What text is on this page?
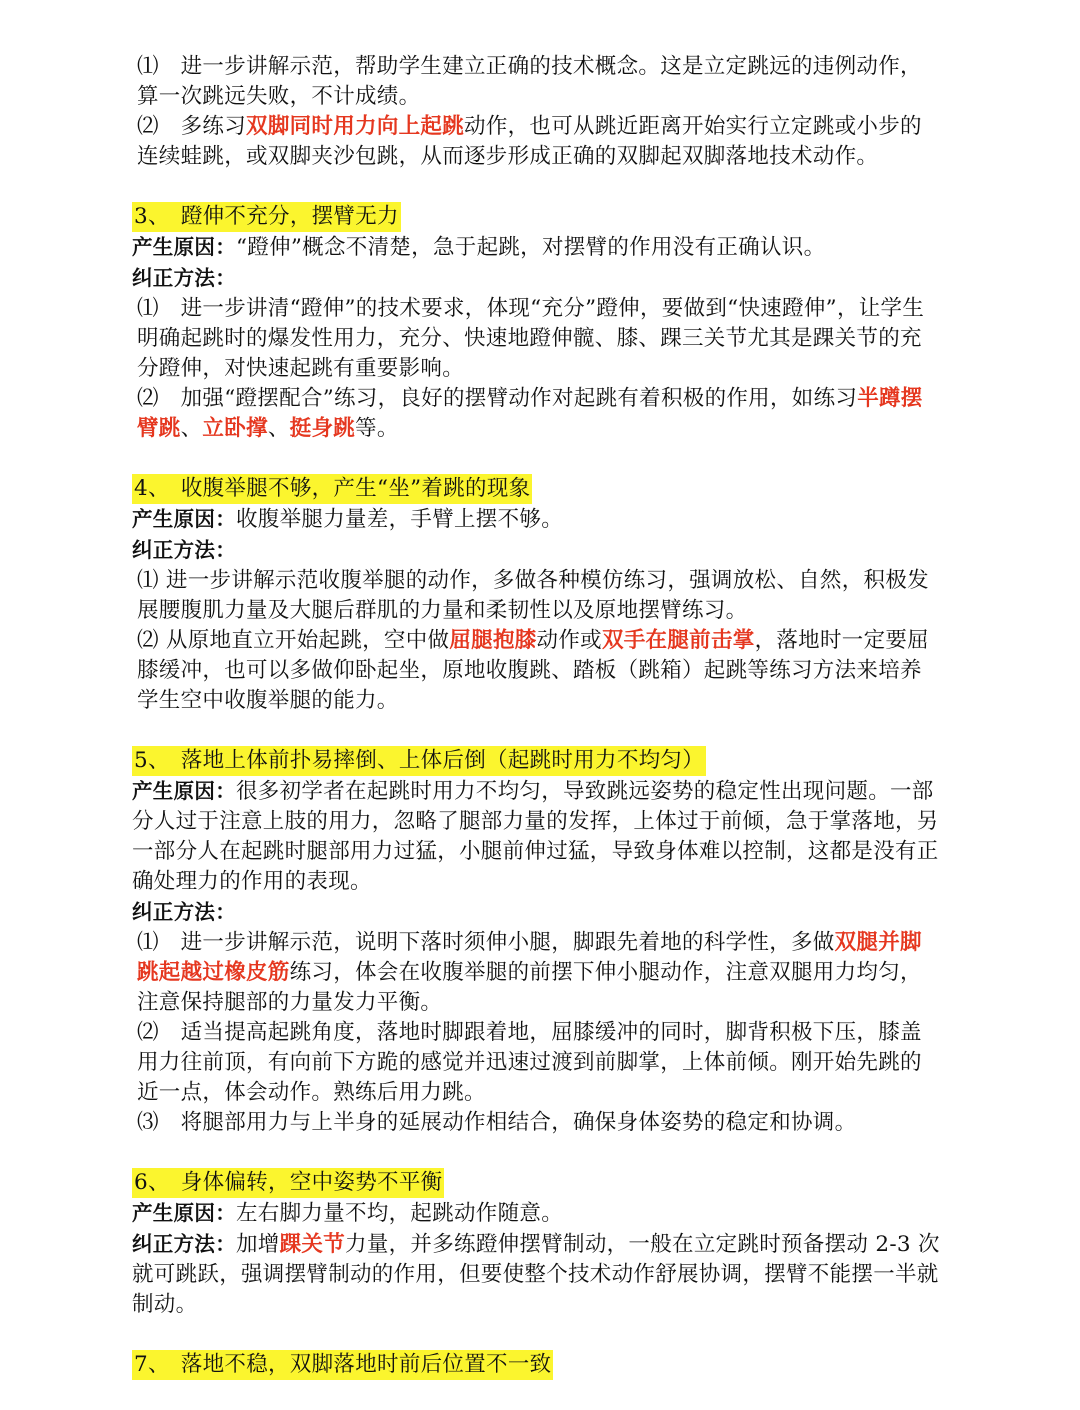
⑴　进一步讲解示范，帮助学生建立正确的技术概念。这是立定跳远的违例动作，算一次跳远失败，不计成绩。
⑵　多练习双脚同时用力向上起跳动作，也可从跳近距离开始实行立定跳或小步的连续蛙跳，或双脚夹沙包跳，从而逐步形成正确的双脚起双脚落地技术动作。
3、　蹬伸不充分，摆臂无力
产生原因：“蹬伸”概念不清楚，急于起跳，对摆臂的作用没有正确认识。
纠正方法：
⑴　进一步讲清“蹬伸”的技术要求，体现“充分”蹬伸，要做到“快速蹬伸”，让学生明确起跳时的爆发性用力，充分、快速地蹬伸髋、膝、踝三关节尤其是踝关节的充分蹬伸，对快速起跳有重要影响。
⑵　加强“蹬摆配合”练习，良好的摆臂动作对起跳有着积极的作用，如练习半蹲摆臂跳、立卧撑、挺身跳等。
4、　收腹举腿不够，产生“坐”着跳的现象
产生原因：收腹举腿力量差，手臂上摆不够。
纠正方法：
⑴ 进一步讲解示范收腹举腿的动作，多做各种模仿练习，强调放松、自然，积极发展腰腹肌力量及大腿后群肌的力量和柔韧性以及原地摆臂练习。
⑵ 从原地直立开始起跳，空中做屈腿抱膝动作或双手在腿前击掌，落地时一定要屈膝缓冲，也可以多做仰卧起坐，原地收腹跳、踏板（跳箱）起跳等练习方法来培养学生空中收腹举腿的能力。
5、　落地上体前扑易摔倒、上体后倒（起跳时用力不均匀）
产生原因：很多初学者在起跳时用力不均匀，导致跳远姿势的稳定性出现问题。一部分人过于注意上肢的用力，忽略了腿部力量的发挥，上体过于前倾，急于掌落地，另一部分人在起跳时腿部用力过猛，小腿前伸过猛，导致身体难以控制，这都是没有正确处理力的作用的表现。
纠正方法：
⑴　进一步讲解示范，说明下落时须伸小腿，脚跟先着地的科学性，多做双腿并脚跳起越过橡皮筋练习，体会在收腹举腿的前摆下伸小腿动作，注意双腿用力均匀，注意保持腿部的力量发力平衡。
⑵　适当提高起跳角度，落地时脚跟着地，屈膝缓冲的同时，脚背积极下压，膝盖用力往前顶，有向前下方跪的感觉并迅速过渡到前脚掌，上体前倾。刚开始先跳的近一点，体会动作。熟练后用力跳。
⑶　将腿部用力与上半身的延展动作相结合，确保身体姿势的稳定和协调。
6、　身体偏转，空中姿势不平衡
产生原因：左右脚力量不均，起跳动作随意。
纠正方法：加增踝关节力量，并多练蹬伸摆臂制动，一般在立定跳时预备摆动 2-3 次就可跳跃，强调摆臂制动的作用，但要使整个技术动作舒展协调，摆臂不能摆一半就制动。
7、　落地不稳，双脚落地时前后位置不一致
